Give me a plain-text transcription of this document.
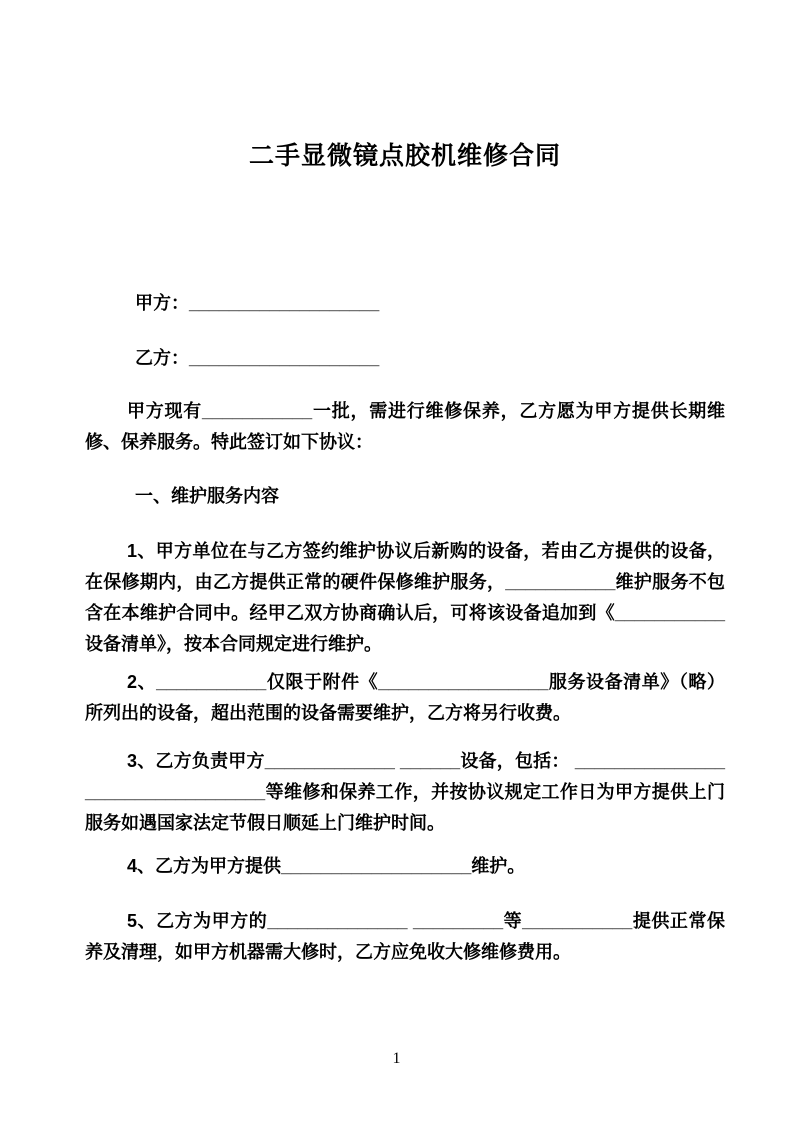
二手显微镜点胶机维修合同

甲方：___________________

乙方：___________________

甲方现有___________一批，需进行维修保养，乙方愿为甲方提供长期维修、保养服务。特此签订如下协议：

一、维护服务内容

1、甲方单位在与乙方签约维护协议后新购的设备，若由乙方提供的设备，在保修期内，由乙方提供正常的硬件保修维护服务，___________维护服务不包含在本维护合同中。经甲乙双方协商确认后，可将该设备追加到《___________设备清单》，按本合同规定进行维护。

2、___________仅限于附件《_________________服务设备清单》（略）所列出的设备，超出范围的设备需要维护，乙方将另行收费。

3、乙方负责甲方_____________ ______设备，包括： _________________________________等维修和保养工作，并按协议规定工作日为甲方提供上门服务如遇国家法定节假日顺延上门维护时间。

4、乙方为甲方提供___________________维护。

5、乙方为甲方的______________ _________等___________提供正常保养及清理，如甲方机器需大修时，乙方应免收大修维修费用。

1
